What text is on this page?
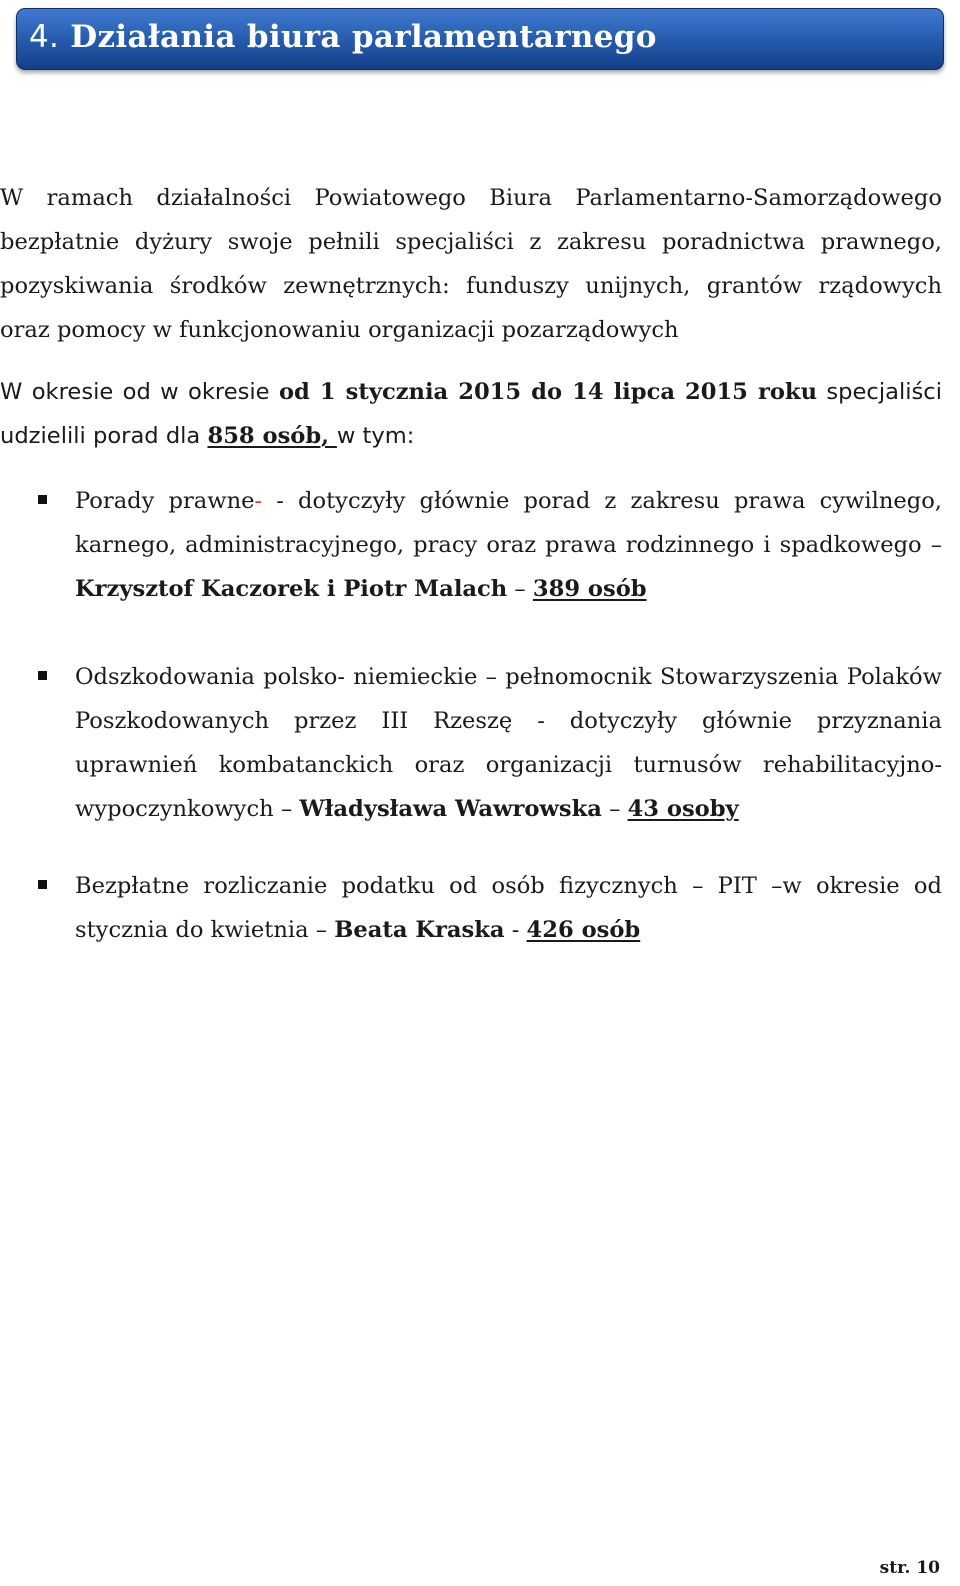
4. Działania biura parlamentarnego

W ramach działalności Powiatowego Biura Parlamentarno-Samorządowego bezpłatnie dyżury swoje pełnili specjaliści z zakresu poradnictwa prawnego, pozyskiwania środków zewnętrznych: funduszy unijnych, grantów rządowych oraz pomocy w funkcjonowaniu organizacji pozarządowych

W okresie od w okresie od 1 stycznia 2015 do 14 lipca 2015 roku specjaliści udzielili porad dla 858 osób, w tym:

Porady prawne- - dotyczyły głównie porad z zakresu prawa cywilnego, karnego, administracyjnego, pracy oraz prawa rodzinnego i spadkowego – Krzysztof Kaczorek i Piotr Malach – 389 osób
Odszkodowania polsko- niemieckie – pełnomocnik Stowarzyszenia Polaków Poszkodowanych przez III Rzeszę - dotyczyły głównie przyznania uprawnień kombatanckich oraz organizacji turnusów rehabilitacyjno-wypoczynkowych – Władysława Wawrowska – 43 osoby
Bezpłatne rozliczanie podatku od osób fizycznych – PIT –w okresie od stycznia do kwietnia – Beata Kraska - 426 osób
str. 10
